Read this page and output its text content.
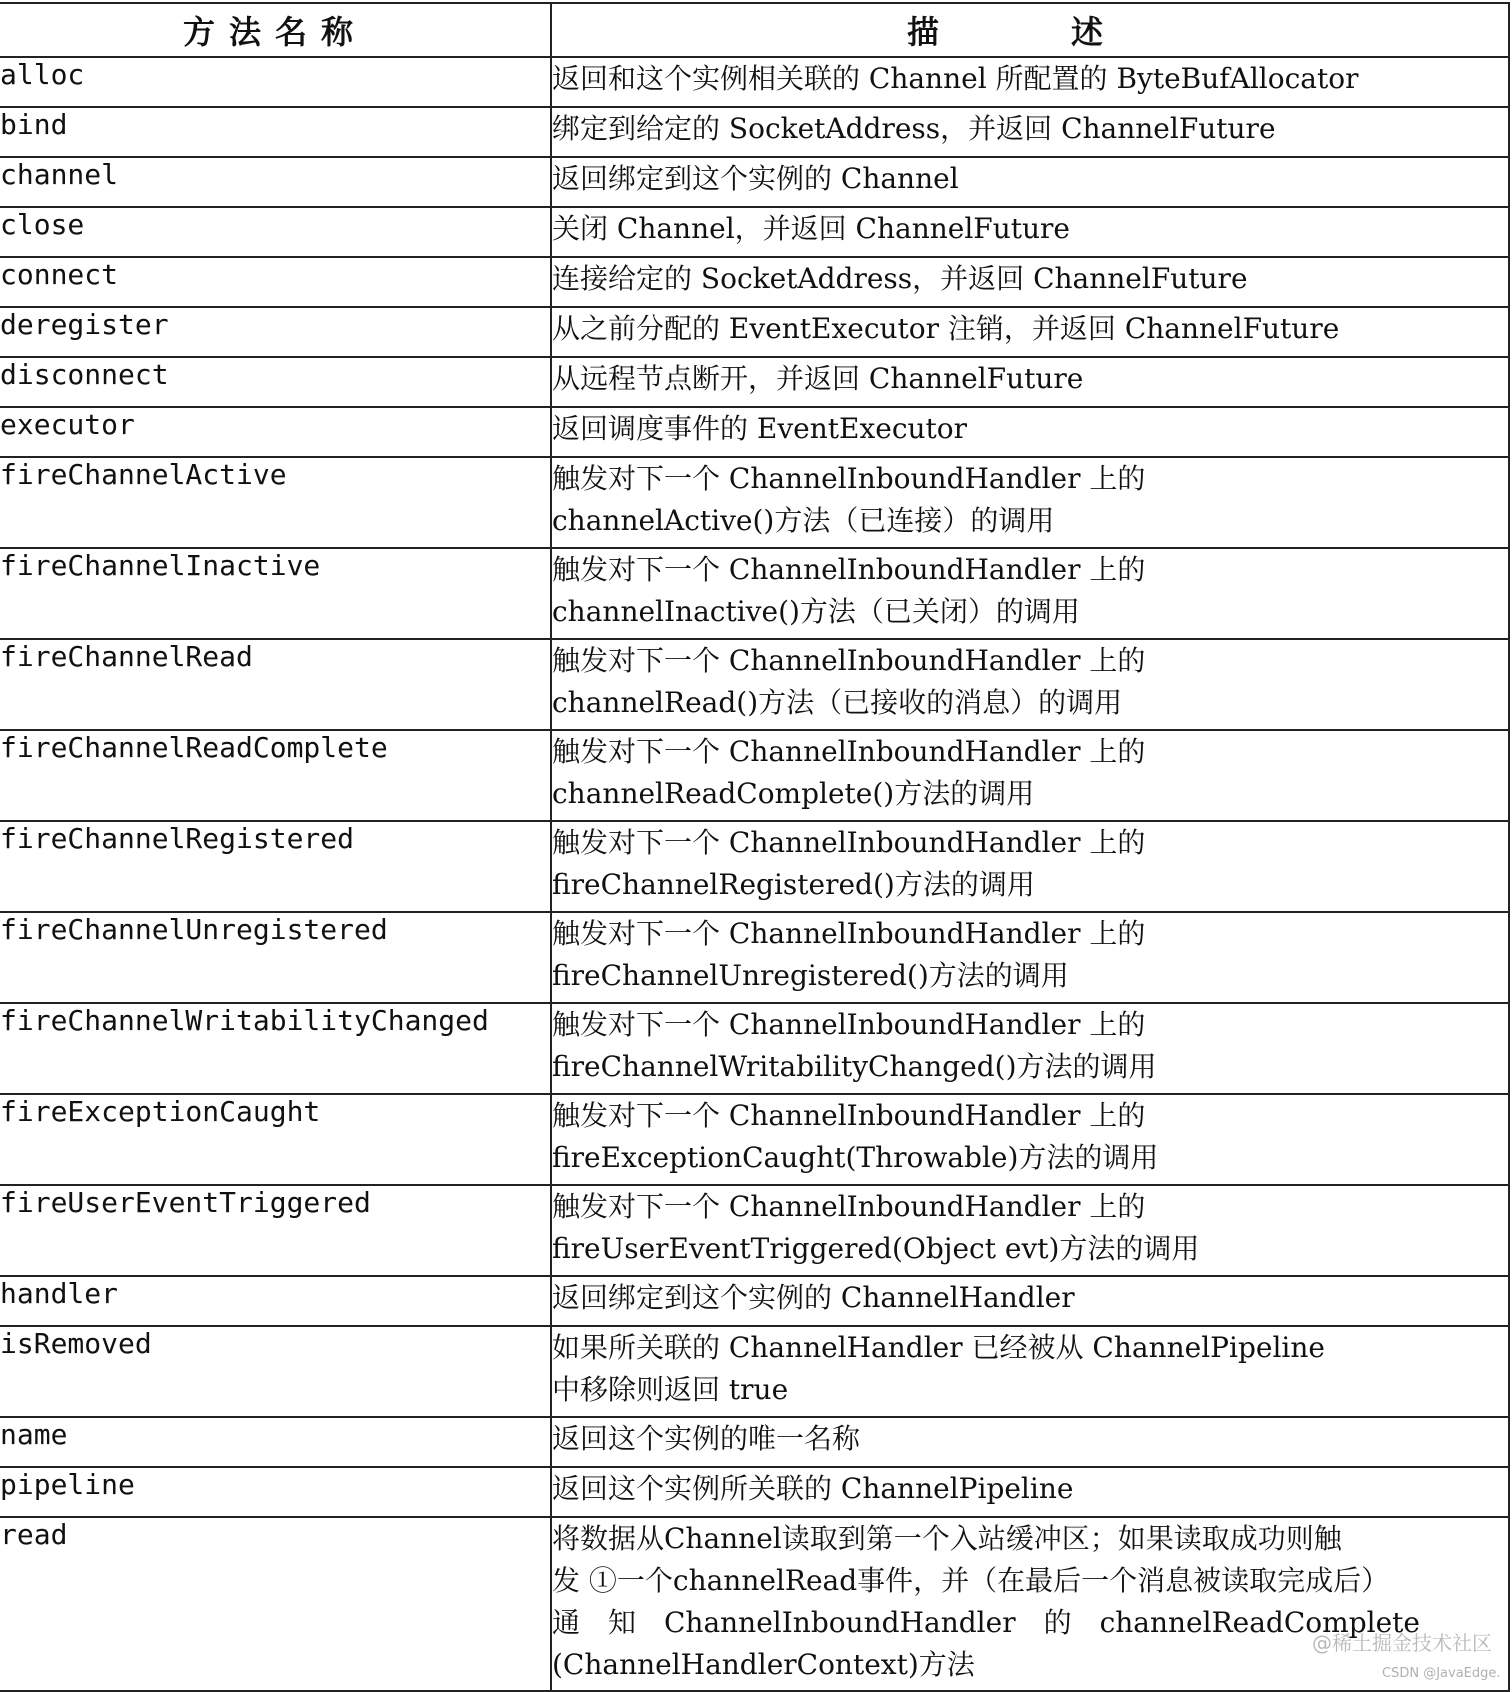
方法名称	描　述
alloc	返回和这个实例相关联的 Channel 所配置的 ByteBufAllocator
bind	绑定到给定的 SocketAddress，并返回 ChannelFuture
channel	返回绑定到这个实例的 Channel
close	关闭 Channel，并返回 ChannelFuture
connect	连接给定的 SocketAddress，并返回 ChannelFuture
deregister	从之前分配的 EventExecutor 注销，并返回 ChannelFuture
disconnect	从远程节点断开，并返回 ChannelFuture
executor	返回调度事件的 EventExecutor
fireChannelActive	触发对下一个 ChannelInboundHandler 上的
channelActive()方法（已连接）的调用
fireChannelInactive	触发对下一个 ChannelInboundHandler 上的
channelInactive()方法（已关闭）的调用
fireChannelRead	触发对下一个 ChannelInboundHandler 上的
channelRead()方法（已接收的消息）的调用
fireChannelReadComplete	触发对下一个 ChannelInboundHandler 上的
channelReadComplete()方法的调用
fireChannelRegistered	触发对下一个 ChannelInboundHandler 上的
fireChannelRegistered()方法的调用
fireChannelUnregistered	触发对下一个 ChannelInboundHandler 上的
fireChannelUnregistered()方法的调用
fireChannelWritabilityChanged	触发对下一个 ChannelInboundHandler 上的
fireChannelWritabilityChanged()方法的调用
fireExceptionCaught	触发对下一个 ChannelInboundHandler 上的
fireExceptionCaught(Throwable)方法的调用
fireUserEventTriggered	触发对下一个 ChannelInboundHandler 上的
fireUserEventTriggered(Object evt)方法的调用
handler	返回绑定到这个实例的 ChannelHandler
isRemoved	如果所关联的 ChannelHandler 已经被从 ChannelPipeline
中移除则返回 true
name	返回这个实例的唯一名称
pipeline	返回这个实例所关联的 ChannelPipeline
read	将数据从Channel读取到第一个入站缓冲区；如果读取成功则触
发 ①一个channelRead事件，并（在最后一个消息被读取完成后）
通　知　ChannelInboundHandler　的　channelReadComplete
(ChannelHandlerContext)方法
@稀土掘金技术社区
CSDN @JavaEdge.
